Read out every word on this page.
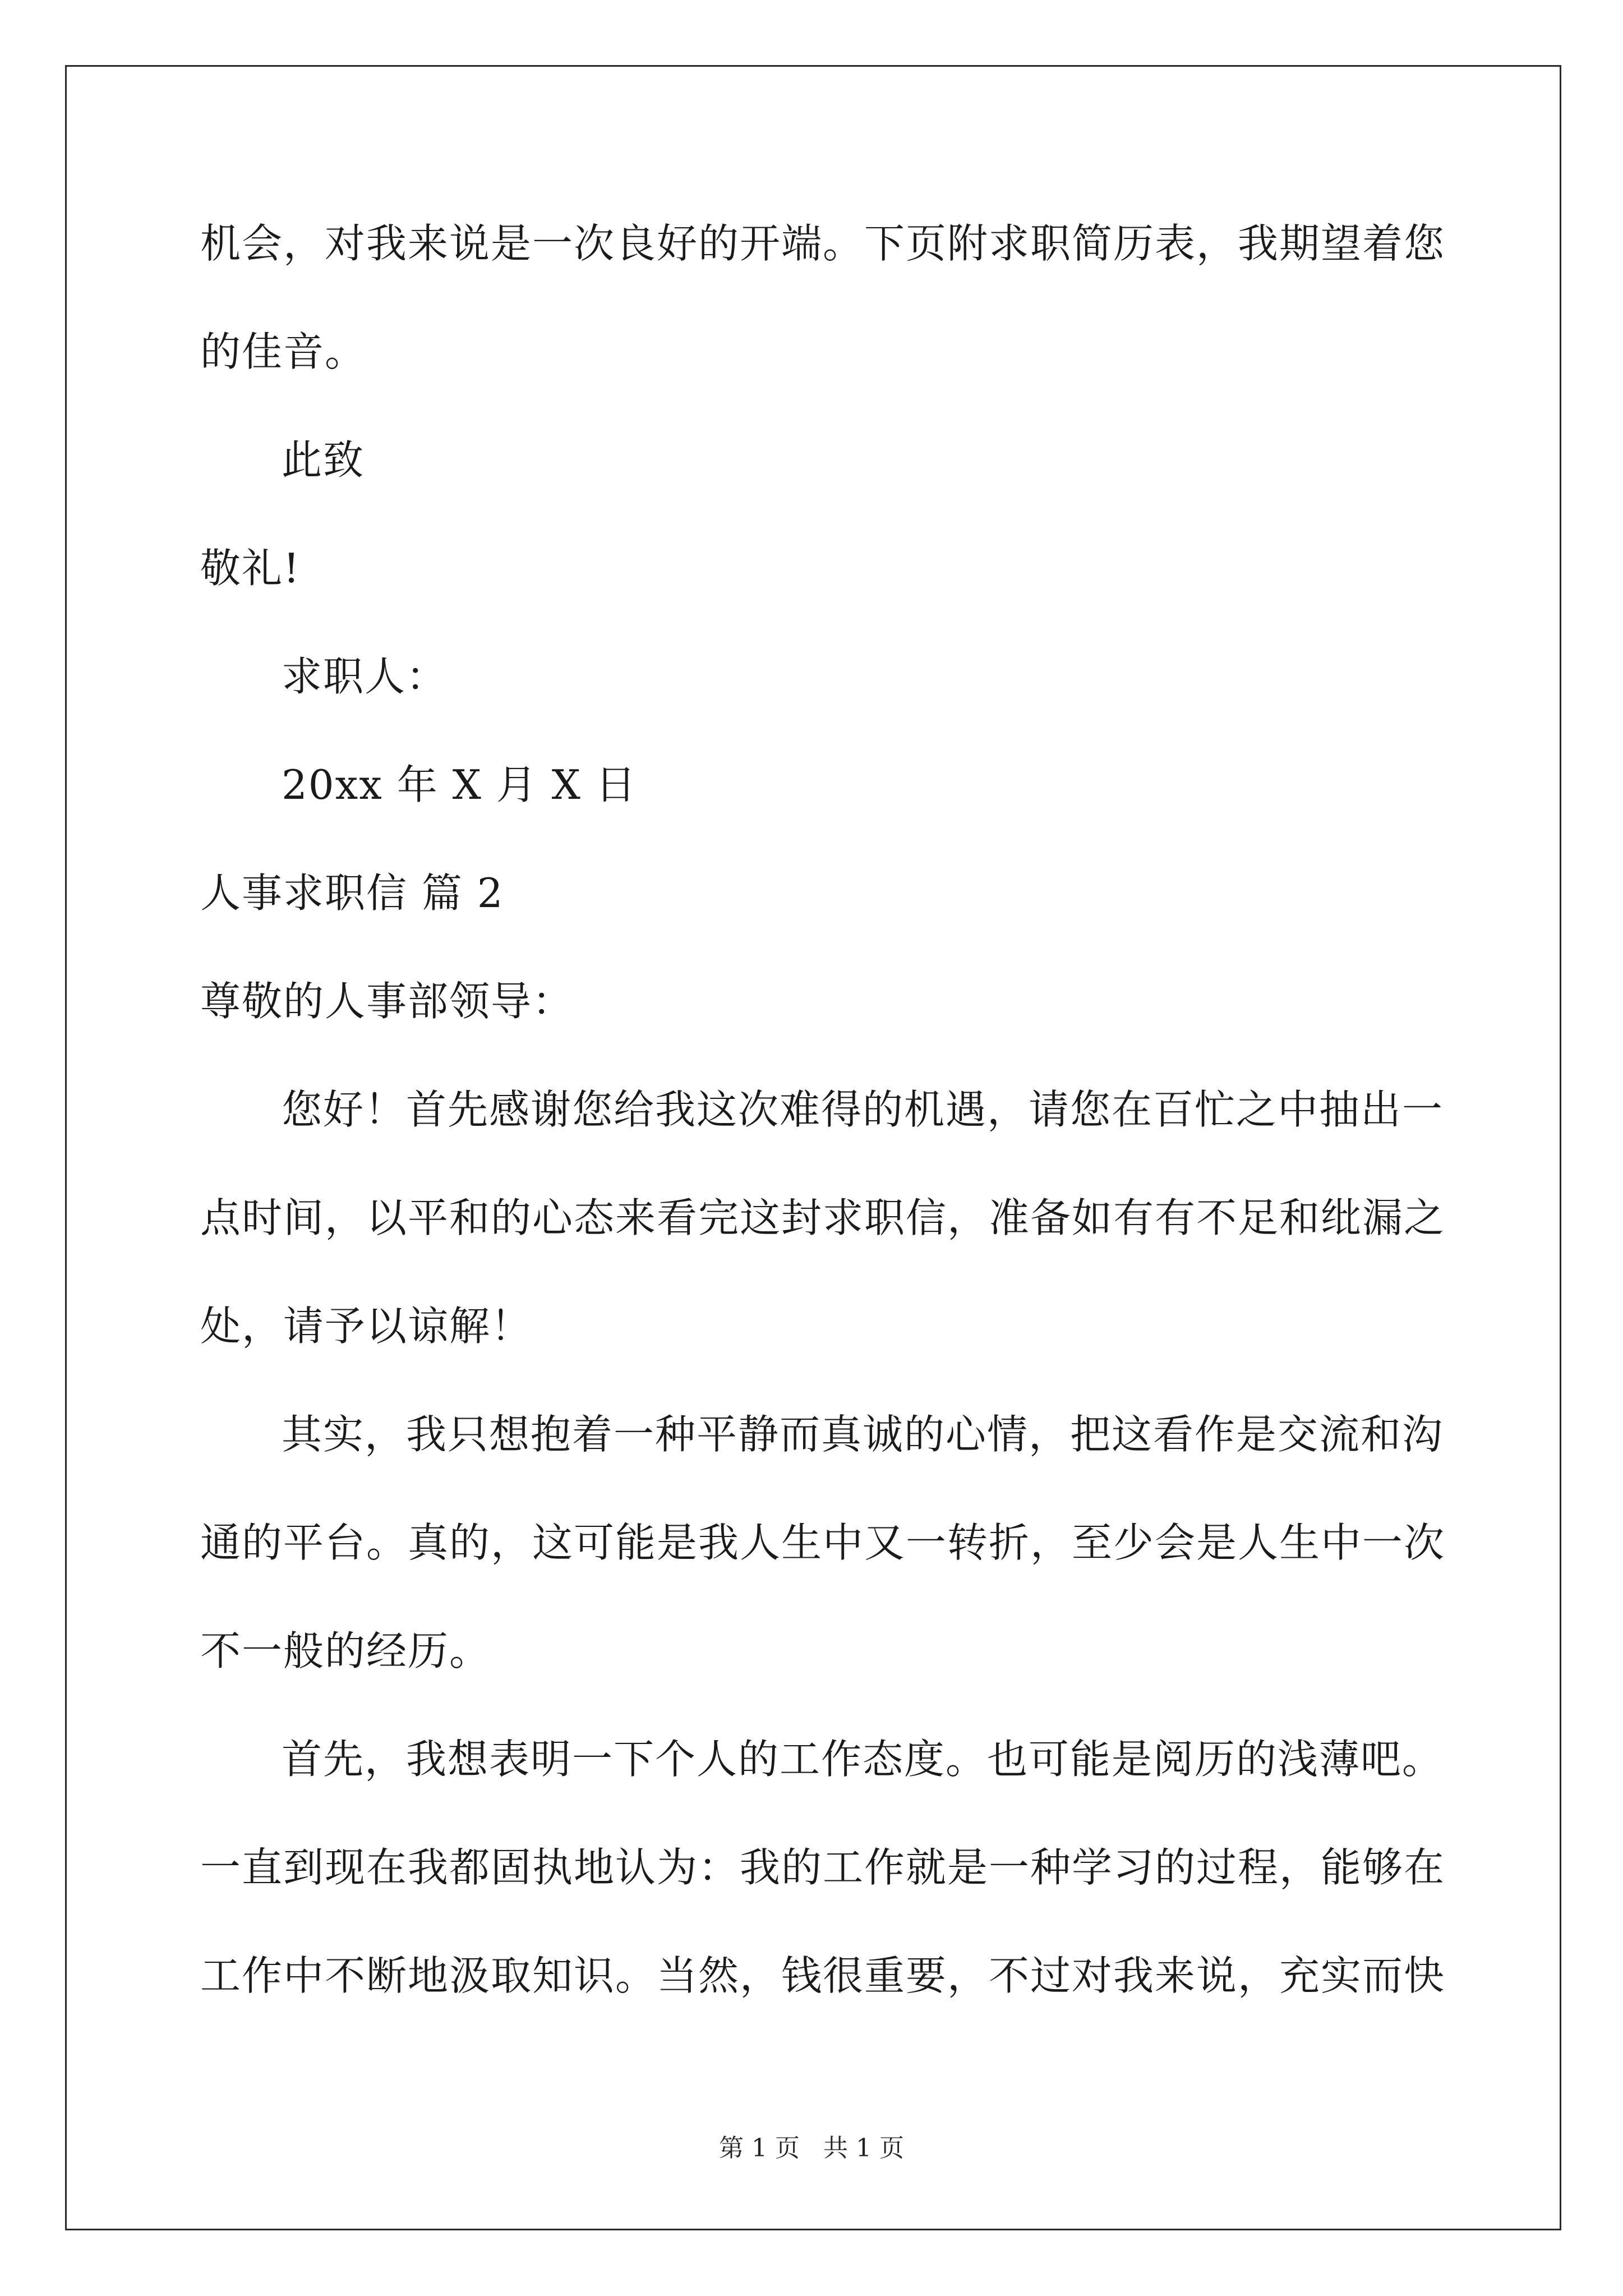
机会，对我来说是一次良好的开端。下页附求职简历表，我期望着您
的佳音。
此致
敬礼!
求职人：
20xx 年 X 月 X 日
人事求职信 篇 2
尊敬的人事部领导：
您好！首先感谢您给我这次难得的机遇，请您在百忙之中抽出一
点时间，以平和的心态来看完这封求职信，准备如有有不足和纰漏之
处，请予以谅解！
其实，我只想抱着一种平静而真诚的心情，把这看作是交流和沟
通的平台。真的，这可能是我人生中又一转折，至少会是人生中一次
不一般的经历。
首先，我想表明一下个人的工作态度。也可能是阅历的浅薄吧。
一直到现在我都固执地认为：我的工作就是一种学习的过程，能够在
工作中不断地汲取知识。当然，钱很重要，不过对我来说，充实而快
第 1 页   共 1 页
